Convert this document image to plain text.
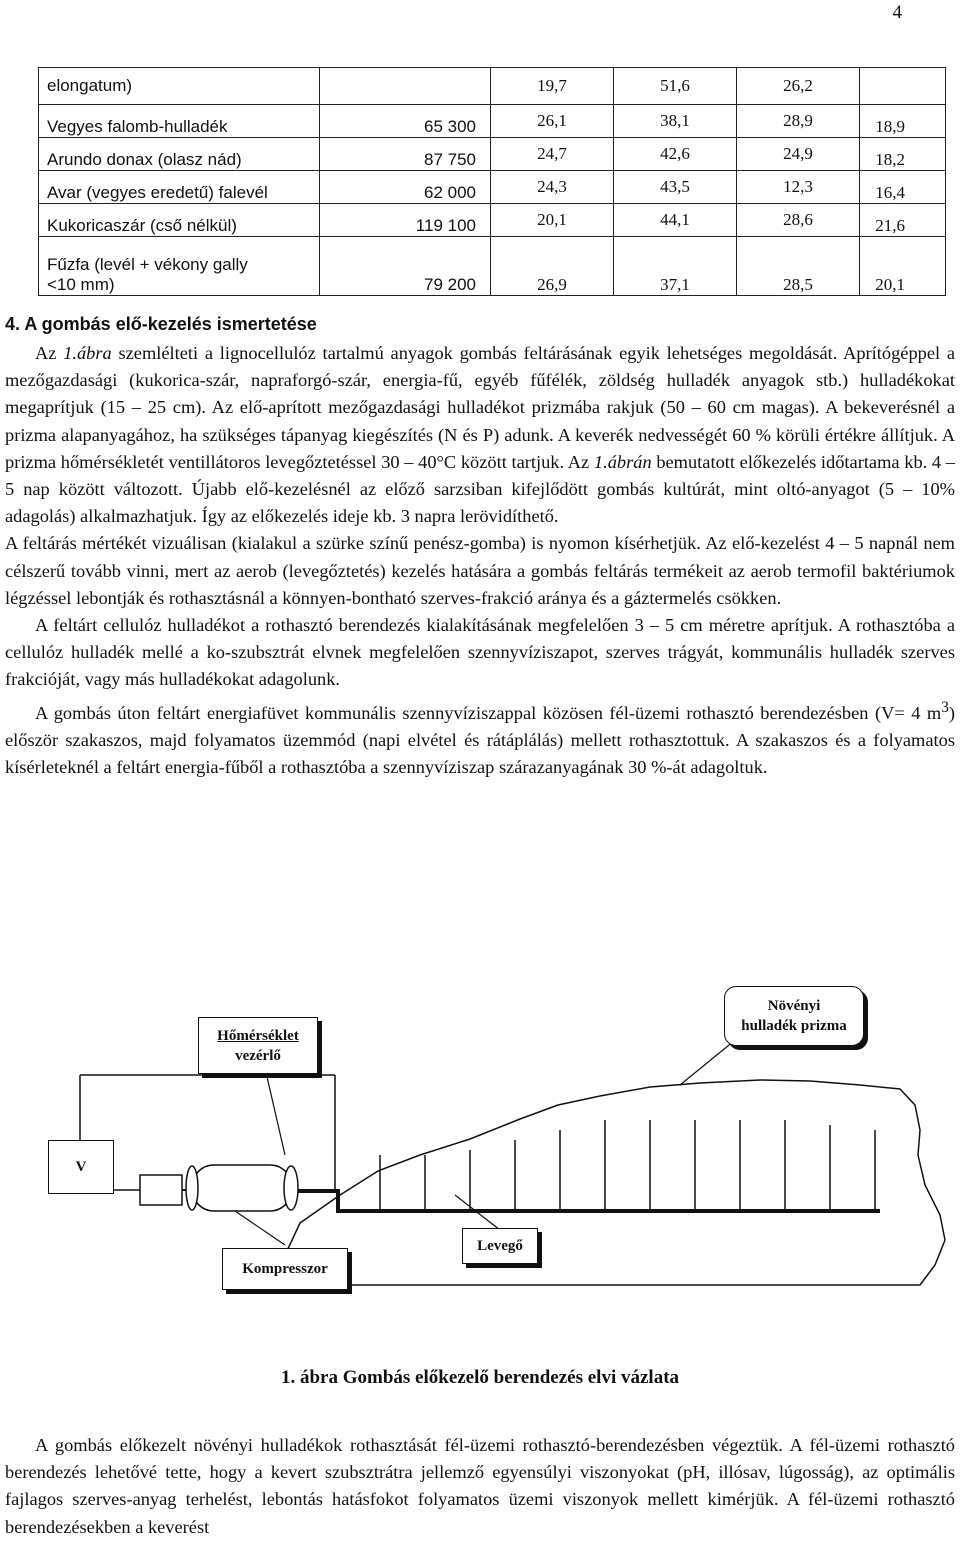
4
elongatum)		19,7	51,6	26,2	
Vegyes falomb-hulladék	65 300	26,1	38,1	28,9	18,9
Arundo donax (olasz nád)	87 750	24,7	42,6	24,9	18,2
Avar (vegyes eredetű) falevél	62 000	24,3	43,5	12,3	16,4
Kukoricaszár (cső nélkül)	119 100	20,1	44,1	28,6	21,6
Fűzfa (levél + vékony gally
<10 mm)	79 200	26,9	37,1	28,5	20,1
4. A gombás elő-kezelés ismertetése

Az 1.ábra szemlélteti a lignocellulóz tartalmú anyagok gombás feltárásának egyik lehetséges megoldását. Aprítógéppel a mezőgazdasági (kukorica-szár, napraforgó-szár, energia-fű, egyéb fűfélék, zöldség hulladék anyagok stb.) hulladékokat megaprítjuk (15 – 25 cm). Az elő-aprított mezőgazdasági hulladékot prizmába rakjuk (50 – 60 cm magas). A bekeverésnél a prizma alapanyagához, ha szükséges tápanyag kiegészítés (N és P) adunk. A keverék nedvességét 60 % körüli értékre állítjuk. A prizma hőmérsékletét ventillátoros levegőztetéssel 30 – 40°C között tartjuk. Az 1.ábrán bemutatott előkezelés időtartama kb. 4 – 5 nap között változott. Újabb elő-kezelésnél az előző sarzsiban kifejlődött gombás kultúrát, mint oltó-anyagot (5 – 10% adagolás) alkalmazhatjuk. Így az előkezelés ideje kb. 3 napra lerövidíthető.

A feltárás mértékét vizuálisan (kialakul a szürke színű penész-gomba) is nyomon kísérhetjük. Az elő-kezelést 4 – 5 napnál nem célszerű tovább vinni, mert az aerob (levegőztetés) kezelés hatására a gombás feltárás termékeit az aerob termofil baktériumok légzéssel lebontják és rothasztásnál a könnyen-bontható szerves-frakció aránya és a gáztermelés csökken.

A feltárt cellulóz hulladékot a rothasztó berendezés kialakításának megfelelően 3 – 5 cm méretre aprítjuk. A rothasztóba a cellulóz hulladék mellé a ko-szubsztrát elvnek megfelelően szennyvíziszapot, szerves trágyát, kommunális hulladék szerves frakcióját, vagy más hulladékokat adagolunk.

A gombás úton feltárt energiafüvet kommunális szennyvíziszappal közösen fél-üzemi rothasztó berendezésben (V= 4 $m^3$) először szakaszos, majd folyamatos üzemmód (napi elvétel és rátáplálás) mellett rothasztottuk. A szakaszos és a folyamatos kísérleteknél a feltárt energia-fűből a rothasztóba a szennyvíziszap szárazanyagának 30 %-át adagoltuk.

Hőmérséklet
vezérlő
Növényi
hulladék prizma
V
Levegő
Kompresszor

1. ábra Gombás előkezelő berendezés elvi vázlata

A gombás előkezelt növényi hulladékok rothasztását fél-üzemi rothasztó-berendezésben végeztük. A fél-üzemi rothasztó berendezés lehetővé tette, hogy a kevert szubsztrátra jellemző egyensúlyi viszonyokat (pH, illósav, lúgosság), az optimális fajlagos szerves-anyag terhelést, lebontás hatásfokot folyamatos üzemi viszonyok mellett kimérjük. A fél-üzemi rothasztó berendezésekben a keverést
